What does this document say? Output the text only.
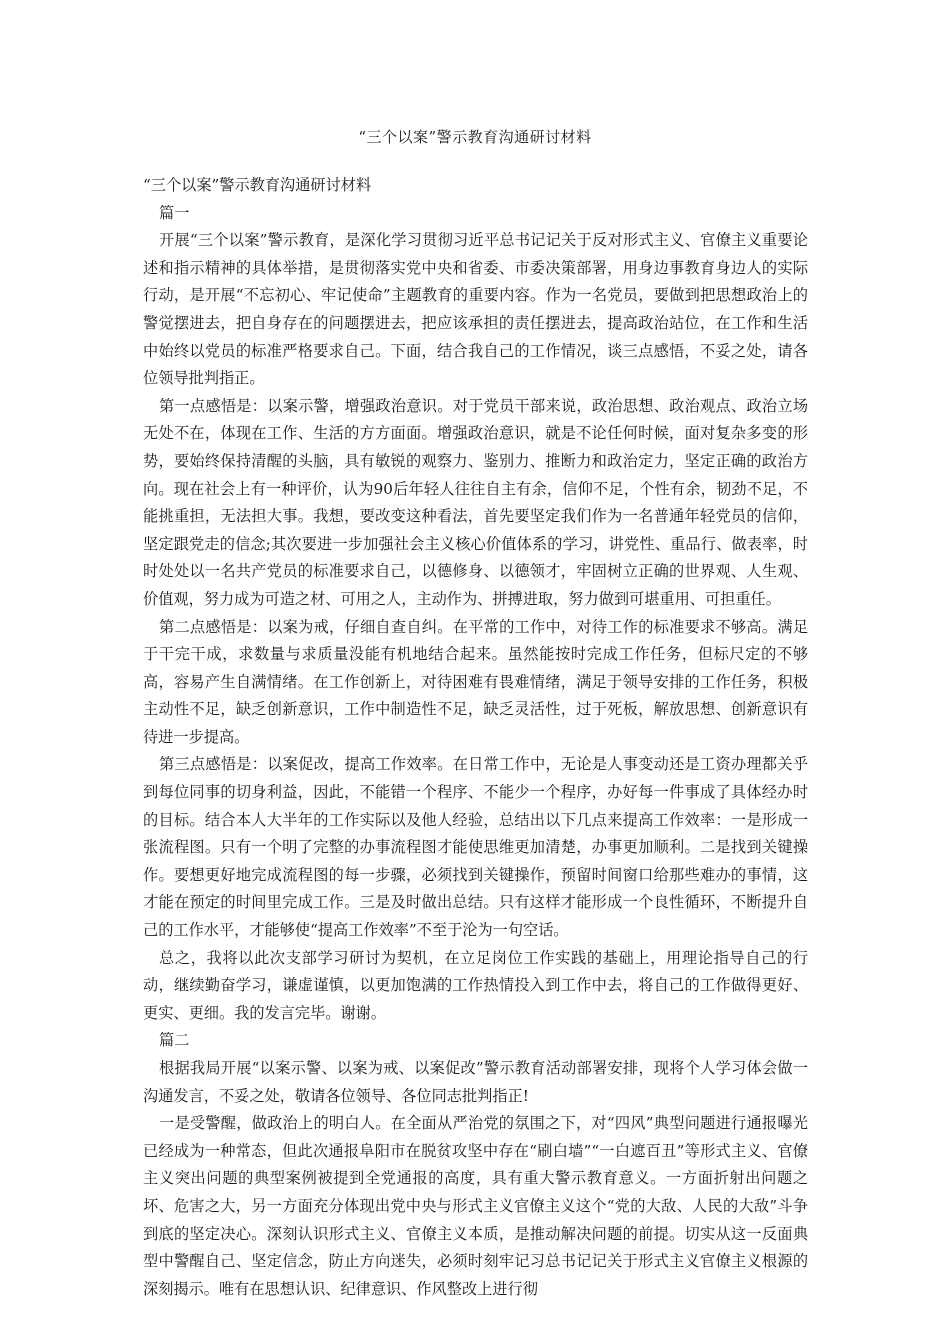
“三个以案”警示教育沟通研讨材料

“三个以案”警示教育沟通研讨材料

篇一

开展“三个以案”警示教育，是深化学习贯彻习近平总书记记关于反对形式主义、官僚主义重要论述和指示精神的具体举措，是贯彻落实党中央和省委、市委决策部署，用身边事教育身边人的实际行动，是开展“不忘初心、牢记使命”主题教育的重要内容。作为一名党员，要做到把思想政治上的警觉摆进去，把自身存在的问题摆进去，把应该承担的责任摆进去，提高政治站位，在工作和生活中始终以党员的标准严格要求自己。下面，结合我自己的工作情况，谈三点感悟，不妥之处，请各位领导批判指正。

第一点感悟是：以案示警，增强政治意识。对于党员干部来说，政治思想、政治观点、政治立场无处不在，体现在工作、生活的方方面面。增强政治意识，就是不论任何时候，面对复杂多变的形势，要始终保持清醒的头脑，具有敏锐的观察力、鉴别力、推断力和政治定力，坚定正确的政治方向。现在社会上有一种评价，认为90后年轻人往往自主有余，信仰不足，个性有余，韧劲不足，不能挑重担，无法担大事。我想，要改变这种看法，首先要坚定我们作为一名普通年轻党员的信仰，坚定跟党走的信念;其次要进一步加强社会主义核心价值体系的学习，讲党性、重品行、做表率，时时处处以一名共产党员的标准要求自己，以德修身、以德领才，牢固树立正确的世界观、人生观、价值观，努力成为可造之材、可用之人，主动作为、拼搏进取，努力做到可堪重用、可担重任。

第二点感悟是：以案为戒，仔细自查自纠。在平常的工作中，对待工作的标准要求不够高。满足于干完干成，求数量与求质量没能有机地结合起来。虽然能按时完成工作任务，但标尺定的不够高，容易产生自满情绪。在工作创新上，对待困难有畏难情绪，满足于领导安排的工作任务，积极主动性不足，缺乏创新意识，工作中制造性不足，缺乏灵活性，过于死板，解放思想、创新意识有待进一步提高。

第三点感悟是：以案促改，提高工作效率。在日常工作中，无论是人事变动还是工资办理都关乎到每位同事的切身利益，因此，不能错一个程序、不能少一个程序，办好每一件事成了具体经办时的目标。结合本人大半年的工作实际以及他人经验，总结出以下几点来提高工作效率：一是形成一张流程图。只有一个明了完整的办事流程图才能使思维更加清楚，办事更加顺利。二是找到关键操作。要想更好地完成流程图的每一步骤，必须找到关键操作，预留时间窗口给那些难办的事情，这才能在预定的时间里完成工作。三是及时做出总结。只有这样才能形成一个良性循环，不断提升自己的工作水平，才能够使“提高工作效率”不至于沦为一句空话。

总之，我将以此次支部学习研讨为契机，在立足岗位工作实践的基础上，用理论指导自己的行动，继续勤奋学习，谦虚谨慎，以更加饱满的工作热情投入到工作中去，将自己的工作做得更好、更实、更细。我的发言完毕。谢谢。

篇二

根据我局开展“以案示警、以案为戒、以案促改”警示教育活动部署安排，现将个人学习体会做一沟通发言，不妥之处，敬请各位领导、各位同志批判指正!

一是受警醒，做政治上的明白人。在全面从严治党的氛围之下，对“四风”典型问题进行通报曝光已经成为一种常态，但此次通报阜阳市在脱贫攻坚中存在“刷白墙”“一白遮百丑”等形式主义、官僚主义突出问题的典型案例被提到全党通报的高度，具有重大警示教育意义。一方面折射出问题之坏、危害之大，另一方面充分体现出党中央与形式主义官僚主义这个“党的大敌、人民的大敌”斗争到底的坚定决心。深刻认识形式主义、官僚主义本质，是推动解决问题的前提。切实从这一反面典型中警醒自己、坚定信念，防止方向迷失，必须时刻牢记习总书记记关于形式主义官僚主义根源的深刻揭示。唯有在思想认识、纪律意识、作风整改上进行彻
